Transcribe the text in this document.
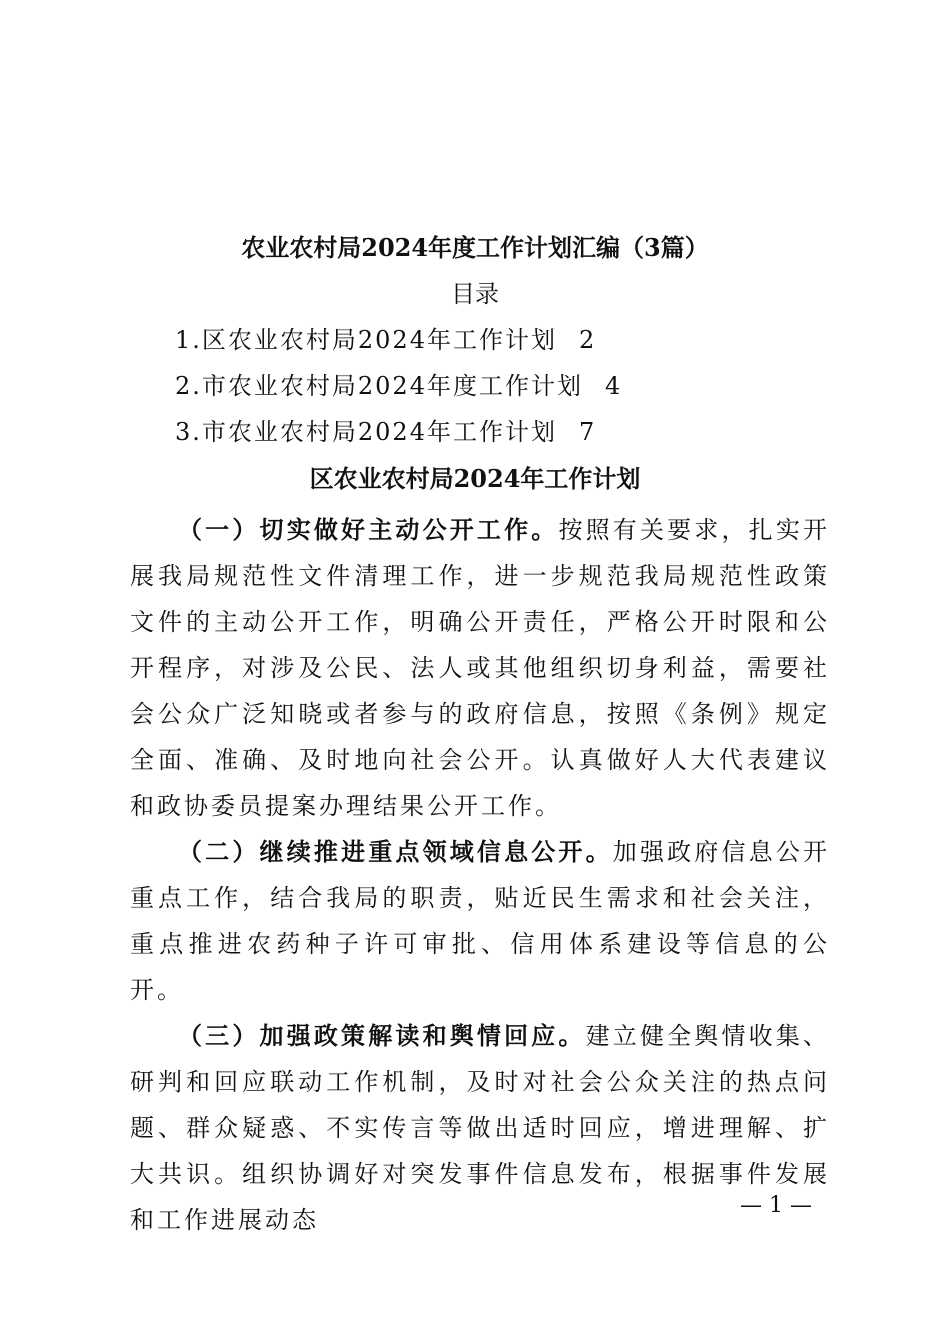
农业农村局2024年度工作计划汇编（3篇）
目录
1.区农业农村局2024年工作计划 2
2.市农业农村局2024年度工作计划 4
3.市农业农村局2024年工作计划 7
区农业农村局2024年工作计划

（一）切实做好主动公开工作。按照有关要求，扎实开展我局规范性文件清理工作，进一步规范我局规范性政策文件的主动公开工作，明确公开责任，严格公开时限和公开程序，对涉及公民、法人或其他组织切身利益，需要社会公众广泛知晓或者参与的政府信息，按照《条例》规定全面、准确、及时地向社会公开。认真做好人大代表建议和政协委员提案办理结果公开工作。

（二）继续推进重点领域信息公开。加强政府信息公开重点工作，结合我局的职责，贴近民生需求和社会关注，重点推进农药种子许可审批、信用体系建设等信息的公开。

（三）加强政策解读和舆情回应。建立健全舆情收集、研判和回应联动工作机制，及时对社会公众关注的热点问题、群众疑惑、不实传言等做出适时回应，增进理解、扩大共识。组织协调好对突发事件信息发布，根据事件发展和工作进展动态

— 1 —
